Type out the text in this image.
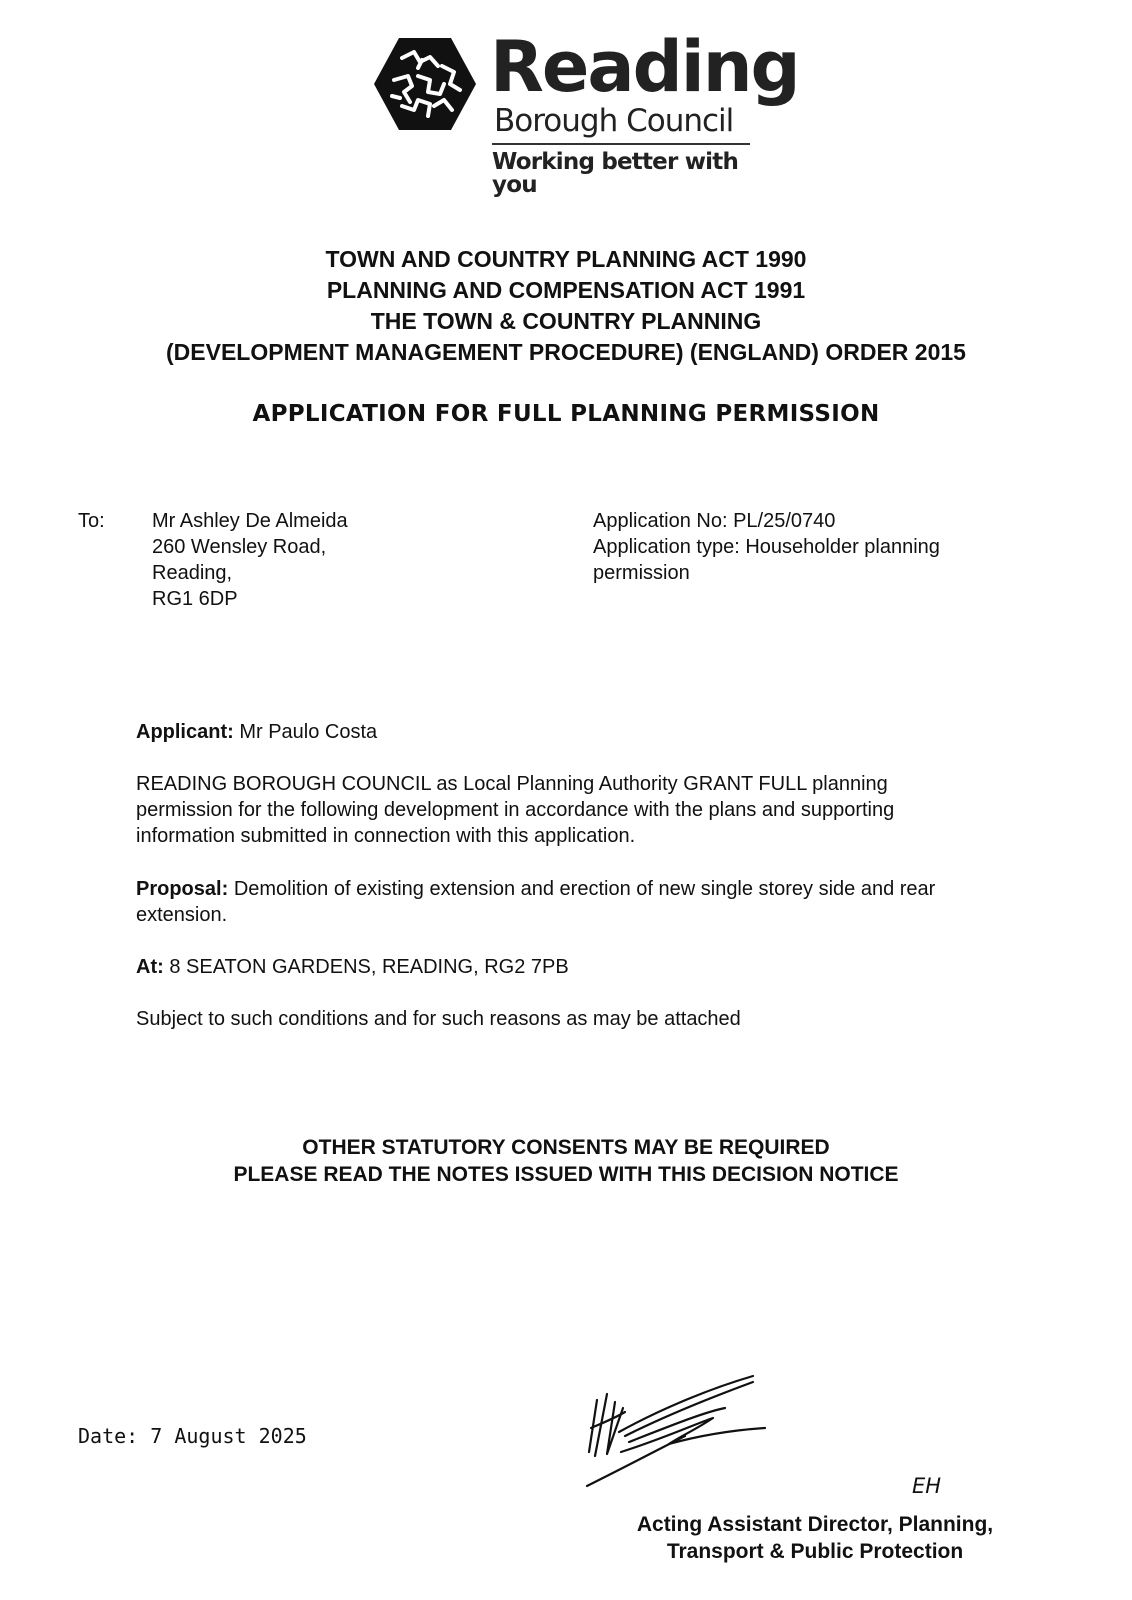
Reading
Borough Council
Working better with you
TOWN AND COUNTRY PLANNING ACT 1990
PLANNING AND COMPENSATION ACT 1991
THE TOWN & COUNTRY PLANNING
(DEVELOPMENT MANAGEMENT PROCEDURE) (ENGLAND) ORDER 2015
APPLICATION FOR FULL PLANNING PERMISSION
To: Mr Ashley De Almeida
260 Wensley Road,
Reading,
RG1 6DP
Application No: PL/25/0740
Application type: Householder planning
permission
Applicant: Mr Paulo Costa
READING BOROUGH COUNCIL as Local Planning Authority GRANT FULL planning
permission for the following development in accordance with the plans and supporting
information submitted in connection with this application.
Proposal: Demolition of existing extension and erection of new single storey side and rear
extension.
At: 8 SEATON GARDENS, READING, RG2 7PB
Subject to such conditions and for such reasons as may be attached
OTHER STATUTORY CONSENTS MAY BE REQUIRED
PLEASE READ THE NOTES ISSUED WITH THIS DECISION NOTICE
Date: 7 August 2025
EH
Acting Assistant Director, Planning,
Transport & Public Protection
